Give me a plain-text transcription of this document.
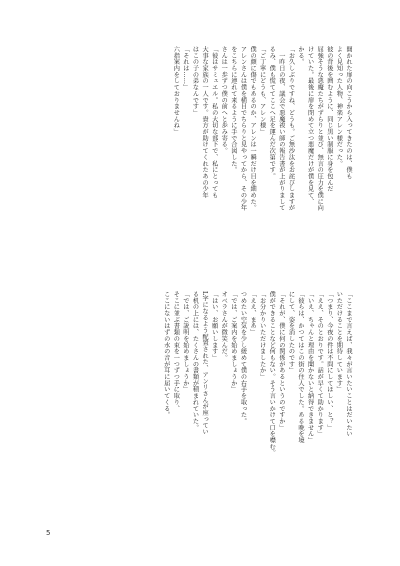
開かれた扉の向こうから入ってきたのは、僕も
よく見知った人物、神楽アレン様だった。
彼の背後を囲むように、同じ黒い制服に身を包んだ
屈強そうな悪魔たちがずらりと並び、無言の圧力を僕に向
けていた。最後に扉を閉めて立つ悪魔だけが僕を見て、
かる。
「お久しぶりですね、どうも。ご無沙汰をお詫びしますが
　一昨日の夜、議会で悪魔祓い師の報告書が上がりまして
るみ、僕も慌ててここへ足を運んだ次第です。
「ご丁寧にどうも、アレン様」
僕の顔に傷でもあるのか、アレンは一瞬だけ目を細めた。
アレンさんは僕を横目でちらりと見やってから、その少年
をこちらに連れて来るように手で合図した。
さんは一歩ずつ僕の前へと歩み寄る。
「彼はサミュエル。私の大切な部下で、私にとっても
大事な家族の一人です。貴方が助けてくれたあの少年
はこの子の弟なんです」
「それは……」
六指案内をしておりませんね」
「ここまで言えば、我々が言いたいことはだいたい
いただけることを期待しています」
「つまり、今夜の件は不問にしてほしい、と？」
「ええ、そのとおりです。話が早くて助かります」
「いえ、ちゃんと理由を聞かないと納得できません」
「彼らは、かつてはこの街の住人でした。ある晩を境
にして、姿を消したのです」
「それが、僕に何の関係があるというのですか」
僕ができることなど何もない。そう言いかけて口を噤む。
「お分かりいただけましたか」
「ええ、まあ」
つめたい空気を少し緩めて僕の右手を取った。
「では、ご案内を始めましょうか」
オベラさんが微笑んだ。
「はい、お願いします」
L字になるよう配置された、アンリさんが座ってい
る机の上には、たくさんの書類が積まれていた。
「では、ご説明を始めましょうか」
そこに並ぶ書類の束を一つずつ手に取り、
ここにないはずの水の音が耳に届いてくる。
5
